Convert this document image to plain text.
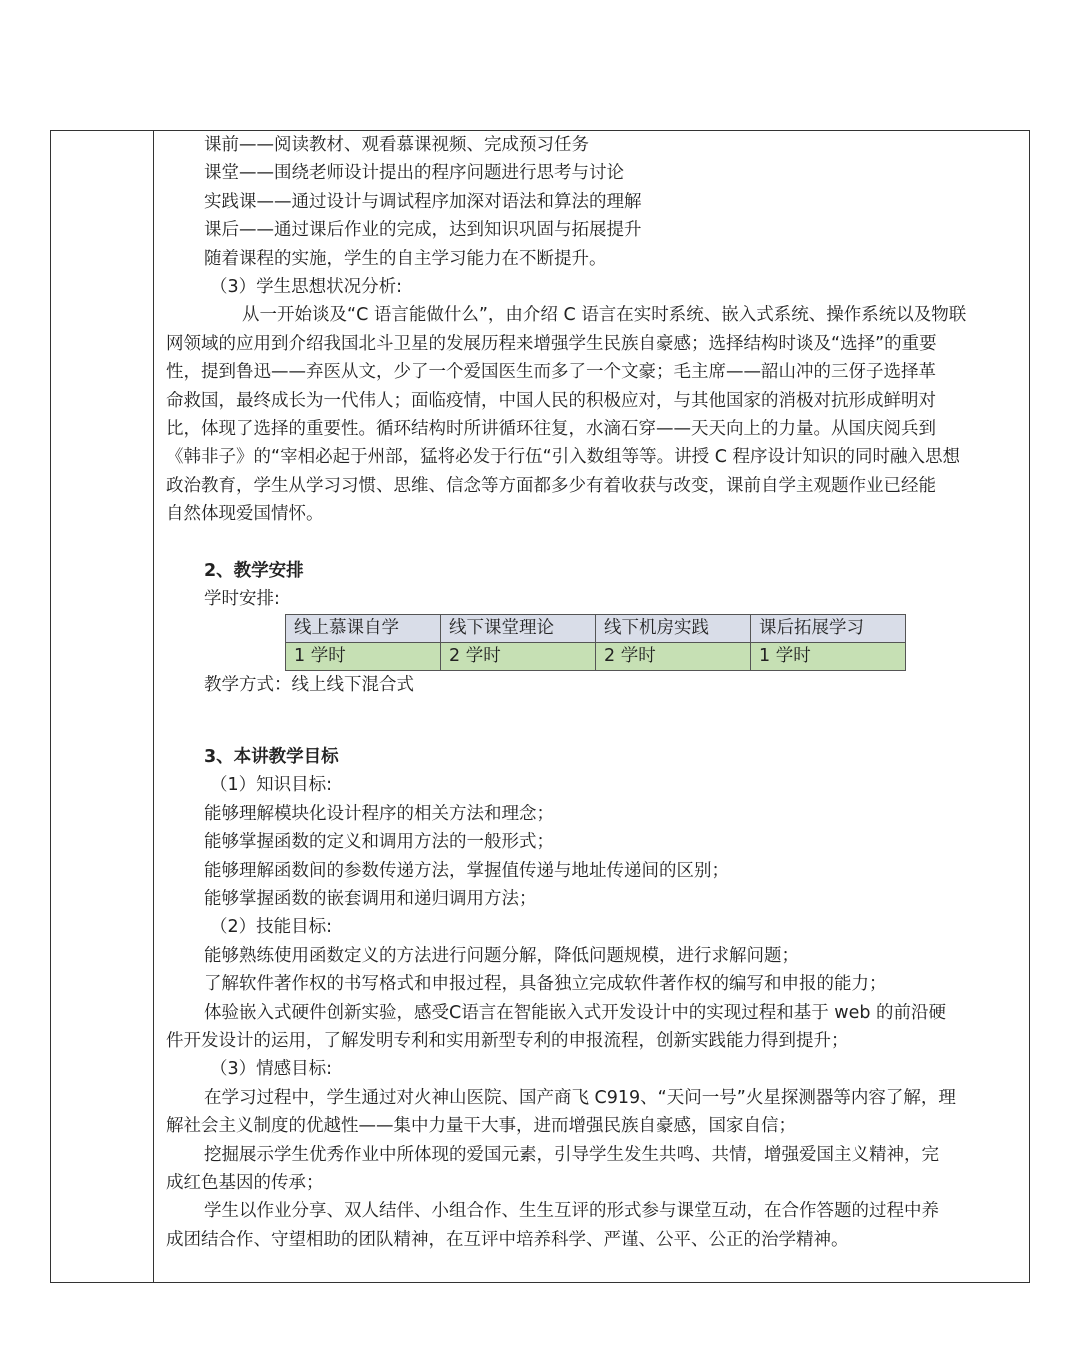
课前——阅读教材、观看慕课视频、完成预习任务
课堂——围绕老师设计提出的程序问题进行思考与讨论
实践课——通过设计与调试程序加深对语法和算法的理解
课后——通过课后作业的完成，达到知识巩固与拓展提升
随着课程的实施，学生的自主学习能力在不断提升。
（3）学生思想状况分析:
从一开始谈及“C 语言能做什么”，由介绍 C 语言在实时系统、嵌入式系统、操作系统以及物联
网领域的应用到介绍我国北斗卫星的发展历程来增强学生民族自豪感；选择结构时谈及“选择”的重要
性，提到鲁迅——弃医从文，少了一个爱国医生而多了一个文豪；毛主席——韶山冲的三伢子选择革
命救国，最终成长为一代伟人；面临疫情，中国人民的积极应对，与其他国家的消极对抗形成鲜明对
比，体现了选择的重要性。循环结构时所讲循环往复，水滴石穿——天天向上的力量。从国庆阅兵到
《韩非子》的“宰相必起于州部，猛将必发于行伍“引入数组等等。讲授 C 程序设计知识的同时融入思想
政治教育，学生从学习习惯、思维、信念等方面都多少有着收获与改变，课前自学主观题作业已经能
自然体现爱国情怀。
2、教学安排
学时安排:
线上慕课自学	线下课堂理论	线下机房实践	课后拓展学习
1 学时	2 学时	2 学时	1 学时
教学方式：线上线下混合式
3、本讲教学目标
（1）知识目标:
能够理解模块化设计程序的相关方法和理念；
能够掌握函数的定义和调用方法的一般形式；
能够理解函数间的参数传递方法，掌握值传递与地址传递间的区别；
能够掌握函数的嵌套调用和递归调用方法；
（2）技能目标:
能够熟练使用函数定义的方法进行问题分解，降低问题规模，进行求解问题；
了解软件著作权的书写格式和申报过程，具备独立完成软件著作权的编写和申报的能力；
体验嵌入式硬件创新实验，感受C语言在智能嵌入式开发设计中的实现过程和基于 web 的前沿硬
件开发设计的运用，了解发明专利和实用新型专利的申报流程，创新实践能力得到提升；
（3）情感目标:
在学习过程中，学生通过对火神山医院、国产商飞 C919、“天问一号”火星探测器等内容了解，理
解社会主义制度的优越性——集中力量干大事，进而增强民族自豪感，国家自信；
挖掘展示学生优秀作业中所体现的爱国元素，引导学生发生共鸣、共情，增强爱国主义精神，完
成红色基因的传承；
学生以作业分享、双人结伴、小组合作、生生互评的形式参与课堂互动，在合作答题的过程中养
成团结合作、守望相助的团队精神，在互评中培养科学、严谨、公平、公正的治学精神。
